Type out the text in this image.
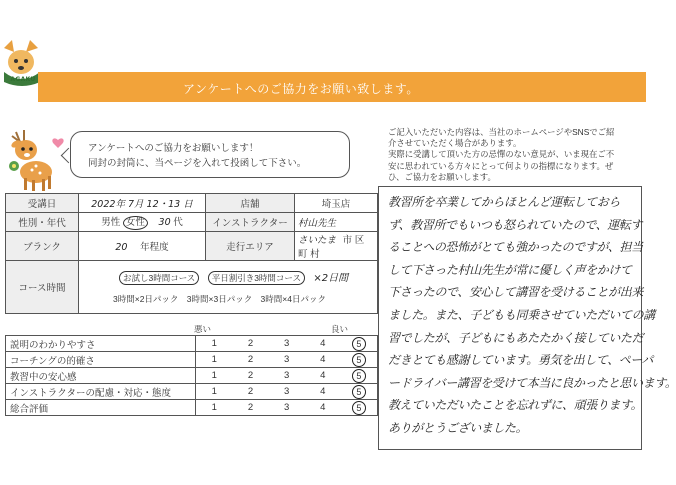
AGAKU
アンケートへのご協力をお願い致します。
アンケートへのご協力をお願いします！
同封の封筒に、当ページを入れて投函して下さい。
ご記入いただいた内容は、当社のホームページやSNSでご紹
介させていただく場合があります。
実際に受講して頂いた方の忌憚のない意見が、いま現在ご不
安に思われている方々にとって何よりの指標になります。ぜ
ひ、ご協力をお願いします。
受講日	2022年 7月 12・13 日	店舗	埼玉店
性別・年代	男性 女性 30 代	インストラクター	村山先生
ブランク	20 年程度	走行エリア	さいたま 市 区 町 村
コース時間	お試し3時間コース 平日割引き3時間コース ×2日間
3時間×2日パック 3時間×3日パック 3時間×4日パック		
悪い	良い
説明のわかりやすさ	1	2	3	4	5
コーチングの的確さ	1	2	3	4	5
教習中の安心感	1	2	3	4	5
インストラクターの配慮・対応・態度	1	2	3	4	5
総合評価	1	2	3	4	5
教習所を卒業してからほとんど運転しておら
ず、教習所でもいつも怒られていたので、運転す
ることへの恐怖がとても強かったのですが、担当
して下さった村山先生が常に優しく声をかけて
下さったので、安心して講習を受けることが出来
ました。また、子どもも同乗させていただいての講
習でしたが、子どもにもあたたかく接していただ
だきとても感謝しています。勇気を出して、ペーパ
ードライバー講習を受けて本当に良かったと思います。
教えていただいたことを忘れずに、頑張ります。
ありがとうございました。
